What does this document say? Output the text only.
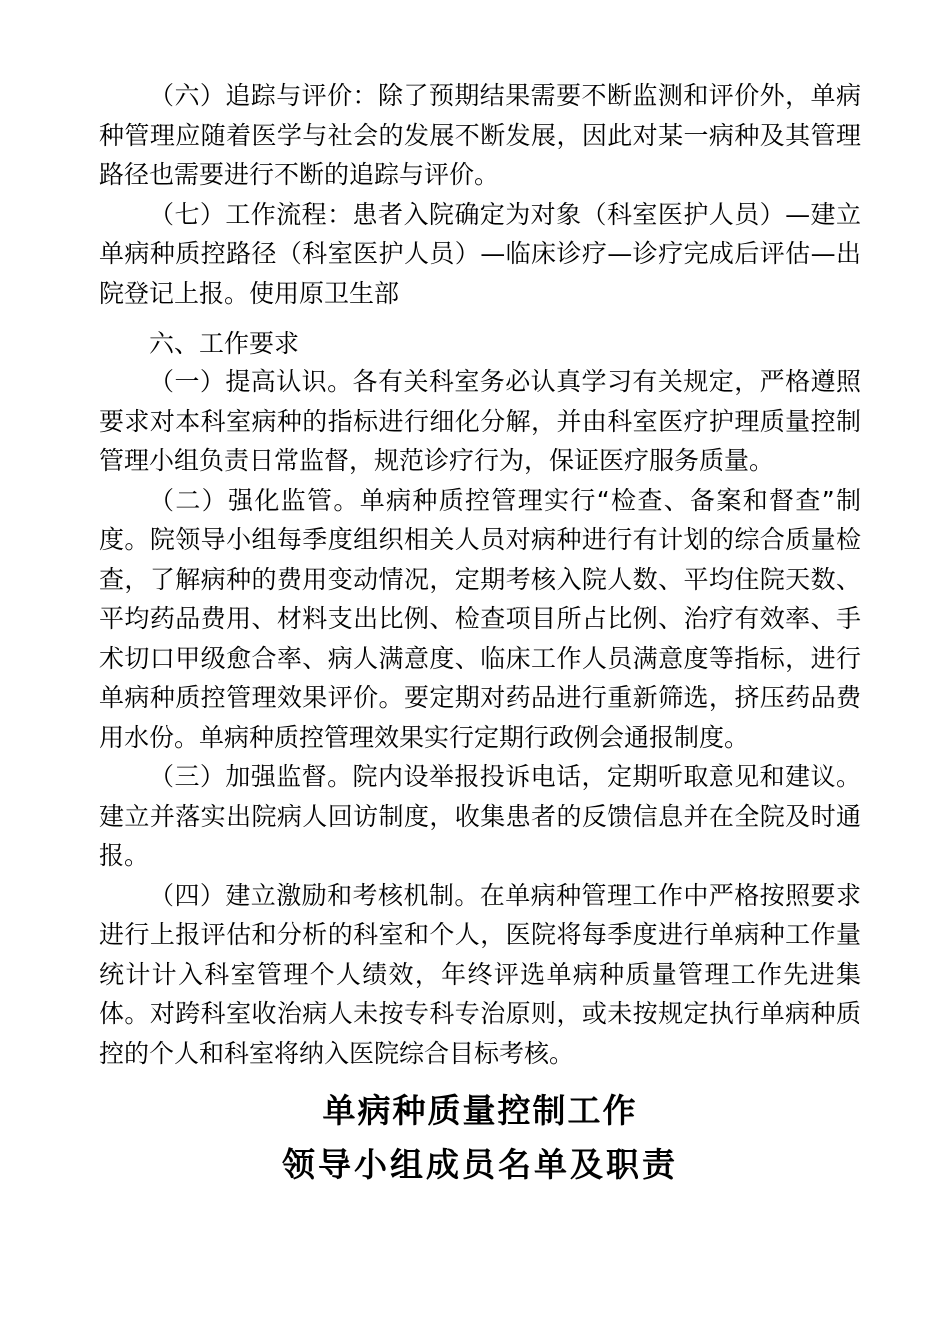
（六）追踪与评价：除了预期结果需要不断监测和评价外，单病种管理应随着医学与社会的发展不断发展，因此对某一病种及其管理路径也需要进行不断的追踪与评价。

（七）工作流程：患者入院确定为对象（科室医护人员）—建立单病种质控路径（科室医护人员）—临床诊疗—诊疗完成后评估—出院登记上报。使用原卫生部

六、工作要求

（一）提高认识。各有关科室务必认真学习有关规定，严格遵照要求对本科室病种的指标进行细化分解，并由科室医疗护理质量控制管理小组负责日常监督，规范诊疗行为，保证医疗服务质量。

（二）强化监管。单病种质控管理实行“检查、备案和督查”制度。院领导小组每季度组织相关人员对病种进行有计划的综合质量检查，了解病种的费用变动情况，定期考核入院人数、平均住院天数、平均药品费用、材料支出比例、检查项目所占比例、治疗有效率、手术切口甲级愈合率、病人满意度、临床工作人员满意度等指标，进行单病种质控管理效果评价。要定期对药品进行重新筛选，挤压药品费用水份。单病种质控管理效果实行定期行政例会通报制度。

（三）加强监督。院内设举报投诉电话，定期听取意见和建议。建立并落实出院病人回访制度，收集患者的反馈信息并在全院及时通报。

（四）建立激励和考核机制。在单病种管理工作中严格按照要求进行上报评估和分析的科室和个人，医院将每季度进行单病种工作量统计计入科室管理个人绩效，年终评选单病种质量管理工作先进集体。对跨科室收治病人未按专科专治原则，或未按规定执行单病种质控的个人和科室将纳入医院综合目标考核。

单病种质量控制工作
领导小组成员名单及职责
